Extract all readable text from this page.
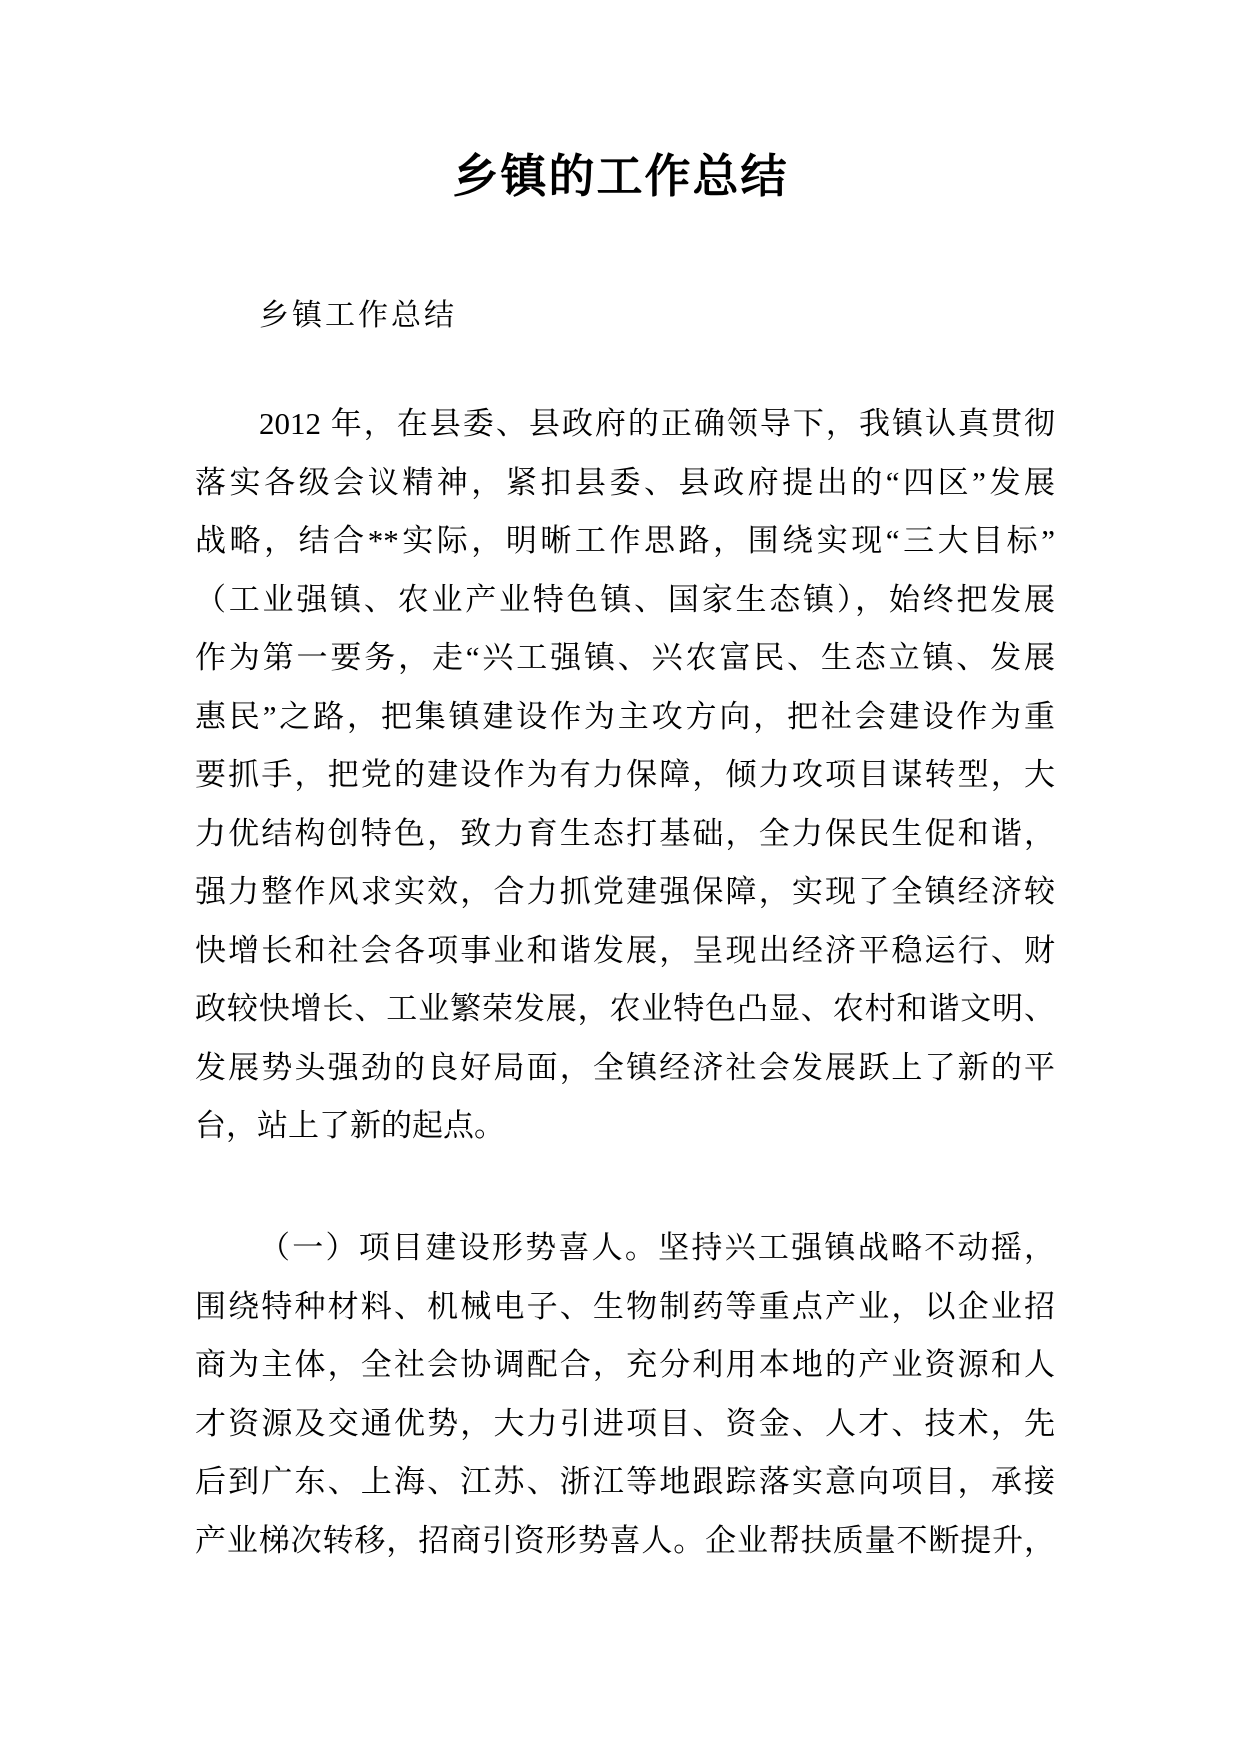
乡镇的工作总结
乡镇工作总结
2012 年，在县委、县政府的正确领导下，我镇认真贯彻
落实各级会议精神，紧扣县委、县政府提出的“四区”发展
战略，结合**实际，明晰工作思路，围绕实现“三大目标”
（工业强镇、农业产业特色镇、国家生态镇），始终把发展
作为第一要务，走“兴工强镇、兴农富民、生态立镇、发展
惠民”之路，把集镇建设作为主攻方向，把社会建设作为重
要抓手，把党的建设作为有力保障，倾力攻项目谋转型，大
力优结构创特色，致力育生态打基础，全力保民生促和谐，
强力整作风求实效，合力抓党建强保障，实现了全镇经济较
快增长和社会各项事业和谐发展，呈现出经济平稳运行、财
政较快增长、工业繁荣发展，农业特色凸显、农村和谐文明、
发展势头强劲的良好局面，全镇经济社会发展跃上了新的平
台，站上了新的起点。
（一）项目建设形势喜人。坚持兴工强镇战略不动摇，
围绕特种材料、机械电子、生物制药等重点产业，以企业招
商为主体，全社会协调配合，充分利用本地的产业资源和人
才资源及交通优势，大力引进项目、资金、人才、技术，先
后到广东、上海、江苏、浙江等地跟踪落实意向项目，承接
产业梯次转移，招商引资形势喜人。企业帮扶质量不断提升，
